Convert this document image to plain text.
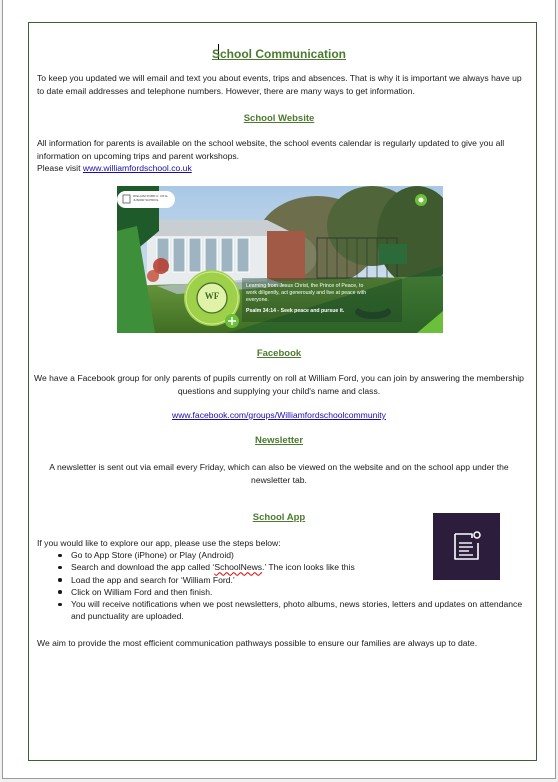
School Communication

To keep you updated we will email and text you about events, trips and absences. That is why it is important we always have up to date email addresses and telephone numbers. However, there are many ways to get information.

School Website

All information for parents is available on the school website, the school events calendar is regularly updated to give you all information on upcoming trips and parent workshops.
Please visit www.williamfordschool.co.uk

WILLIAM FORD C. OF E.
JUNIOR SCHOOL
WF
Learning from Jesus Christ, the Prince of Peace, to
work diligently, act generously and live at peace with
everyone.
Psalm 34:14 - Seek peace and pursue it.
Facebook

We have a Facebook group for only parents of pupils currently on roll at William Ford, you can join by answering the membership questions and supplying your child's name and class.

www.facebook.com/groups/Williamfordschoolcommunity

Newsletter

A newsletter is sent out via email every Friday, which can also be viewed on the website and on the school app under the newsletter tab.

School App

If you would like to explore our app, please use the steps below:

Go to App Store (iPhone) or Play (Android)
Search and download the app called ‘SchoolNews.’ The icon looks like this
Load the app and search for ‘William Ford.’
Click on William Ford and then finish.
You will receive notifications when we post newsletters, photo albums, news stories, letters and updates on attendance and punctuality are uploaded.

We aim to provide the most efficient communication pathways possible to ensure our families are always up to date.
